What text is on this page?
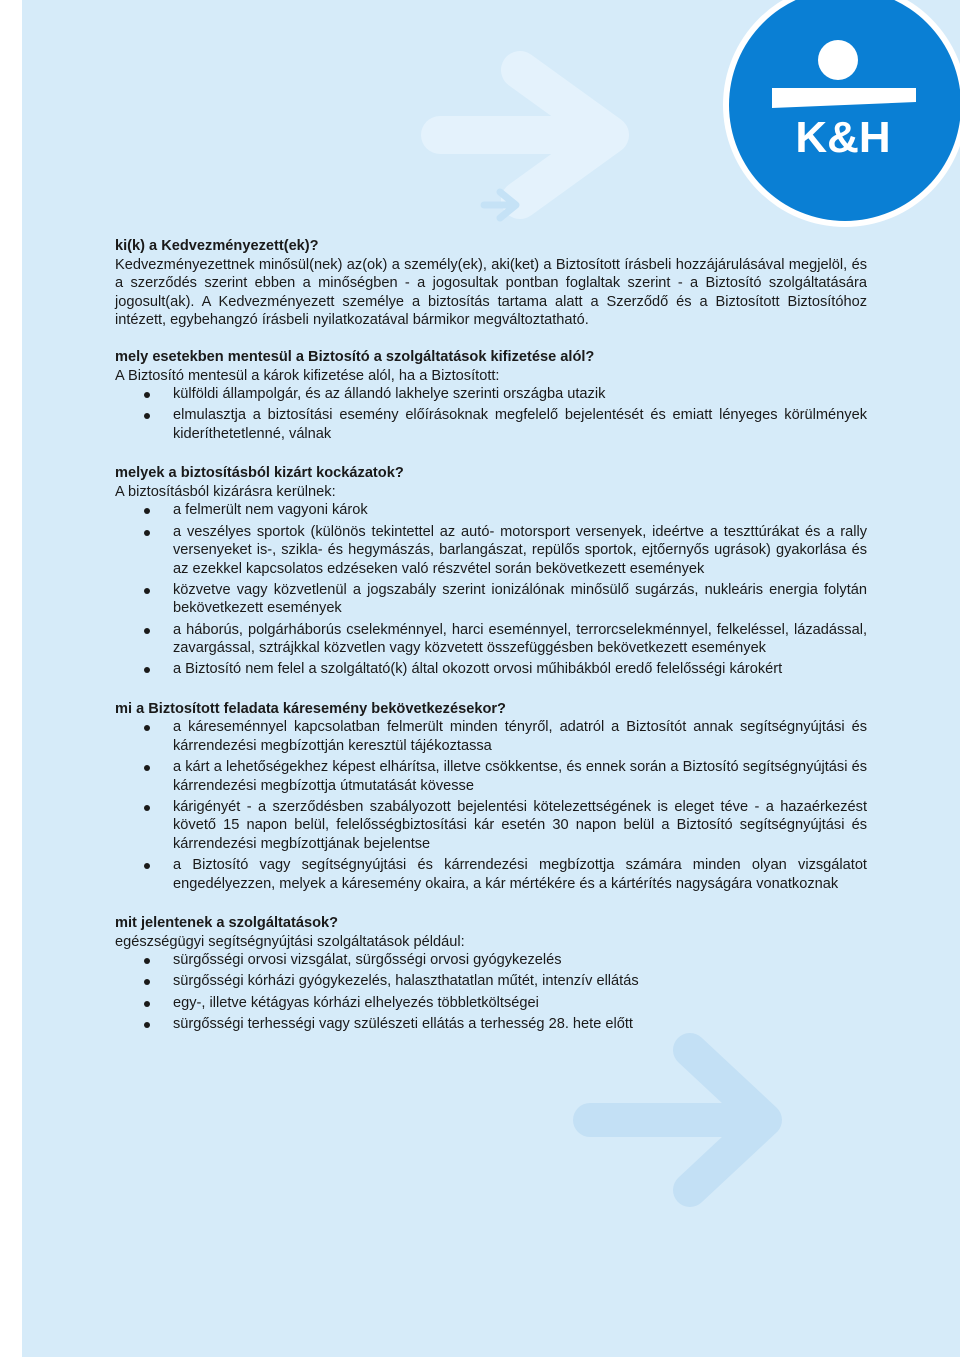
K&H
ki(k) a Kedvezményezett(ek)?

Kedvezményezettnek minősül(nek) az(ok) a személy(ek), aki(ket) a Biztosított írásbeli hozzájárulásával megjelöl, és a szerződés szerint ebben a minőségben - a jogosultak pontban foglaltak szerint - a Biztosító szolgáltatására jogosult(ak). A Kedvezményezett személye a biztosítás tartama alatt a Szerződő és a Biztosított Biztosítóhoz intézett, egybehangzó írásbeli nyilatkozatával bármikor megváltoztatható.

mely esetekben mentesül a Biztosító a szolgáltatások kifizetése alól?

A Biztosító mentesül a károk kifizetése alól, ha a Biztosított:

külföldi állampolgár, és az állandó lakhelye szerinti országba utazik
elmulasztja a biztosítási esemény előírásoknak megfelelő bejelentését és emiatt lényeges körülmények kideríthetetlenné, válnak
melyek a biztosításból kizárt kockázatok?

A biztosításból kizárásra kerülnek:

a felmerült nem vagyoni károk
a veszélyes sportok (különös tekintettel az autó- motorsport versenyek, ideértve a teszttúrákat és a rally versenyeket is-, szikla- és hegymászás, barlangászat, repülős sportok, ejtőernyős ugrások) gyakorlása és az ezekkel kapcsolatos edzéseken való részvétel során bekövetkezett események
közvetve vagy közvetlenül a jogszabály szerint ionizálónak minősülő sugárzás, nukleáris energia folytán bekövetkezett események
a háborús, polgárháborús cselekménnyel, harci eseménnyel, terrorcselekménnyel, felkeléssel, lázadással, zavargással, sztrájkkal közvetlen vagy közvetett összefüggésben bekövetkezett események
a Biztosító nem felel a szolgáltató(k) által okozott orvosi műhibákból eredő felelősségi károkért
mi a Biztosított feladata káresemény bekövetkezésekor?
a káreseménnyel kapcsolatban felmerült minden tényről, adatról a Biztosítót annak segítségnyújtási és kárrendezési megbízottján keresztül tájékoztassa
a kárt a lehetőségekhez képest elhárítsa, illetve csökkentse, és ennek során a Biztosító segítségnyújtási és kárrendezési megbízottja útmutatását kövesse
kárigényét - a szerződésben szabályozott bejelentési kötelezettségének is eleget téve - a hazaérkezést követő 15 napon belül, felelősségbiztosítási kár esetén 30 napon belül a Biztosító segítségnyújtási és kárrendezési megbízottjának bejelentse
a Biztosító vagy segítségnyújtási és kárrendezési megbízottja számára minden olyan vizsgálatot engedélyezzen, melyek a káresemény okaira, a kár mértékére és a kártérítés nagyságára vonatkoznak
mit jelentenek a szolgáltatások?

egészségügyi segítségnyújtási szolgáltatások például:

sürgősségi orvosi vizsgálat, sürgősségi orvosi gyógykezelés
sürgősségi kórházi gyógykezelés, halaszthatatlan műtét, intenzív ellátás
egy-, illetve kétágyas kórházi elhelyezés többletköltségei
sürgősségi terhességi vagy szülészeti ellátás a terhesség 28. hete előtt
